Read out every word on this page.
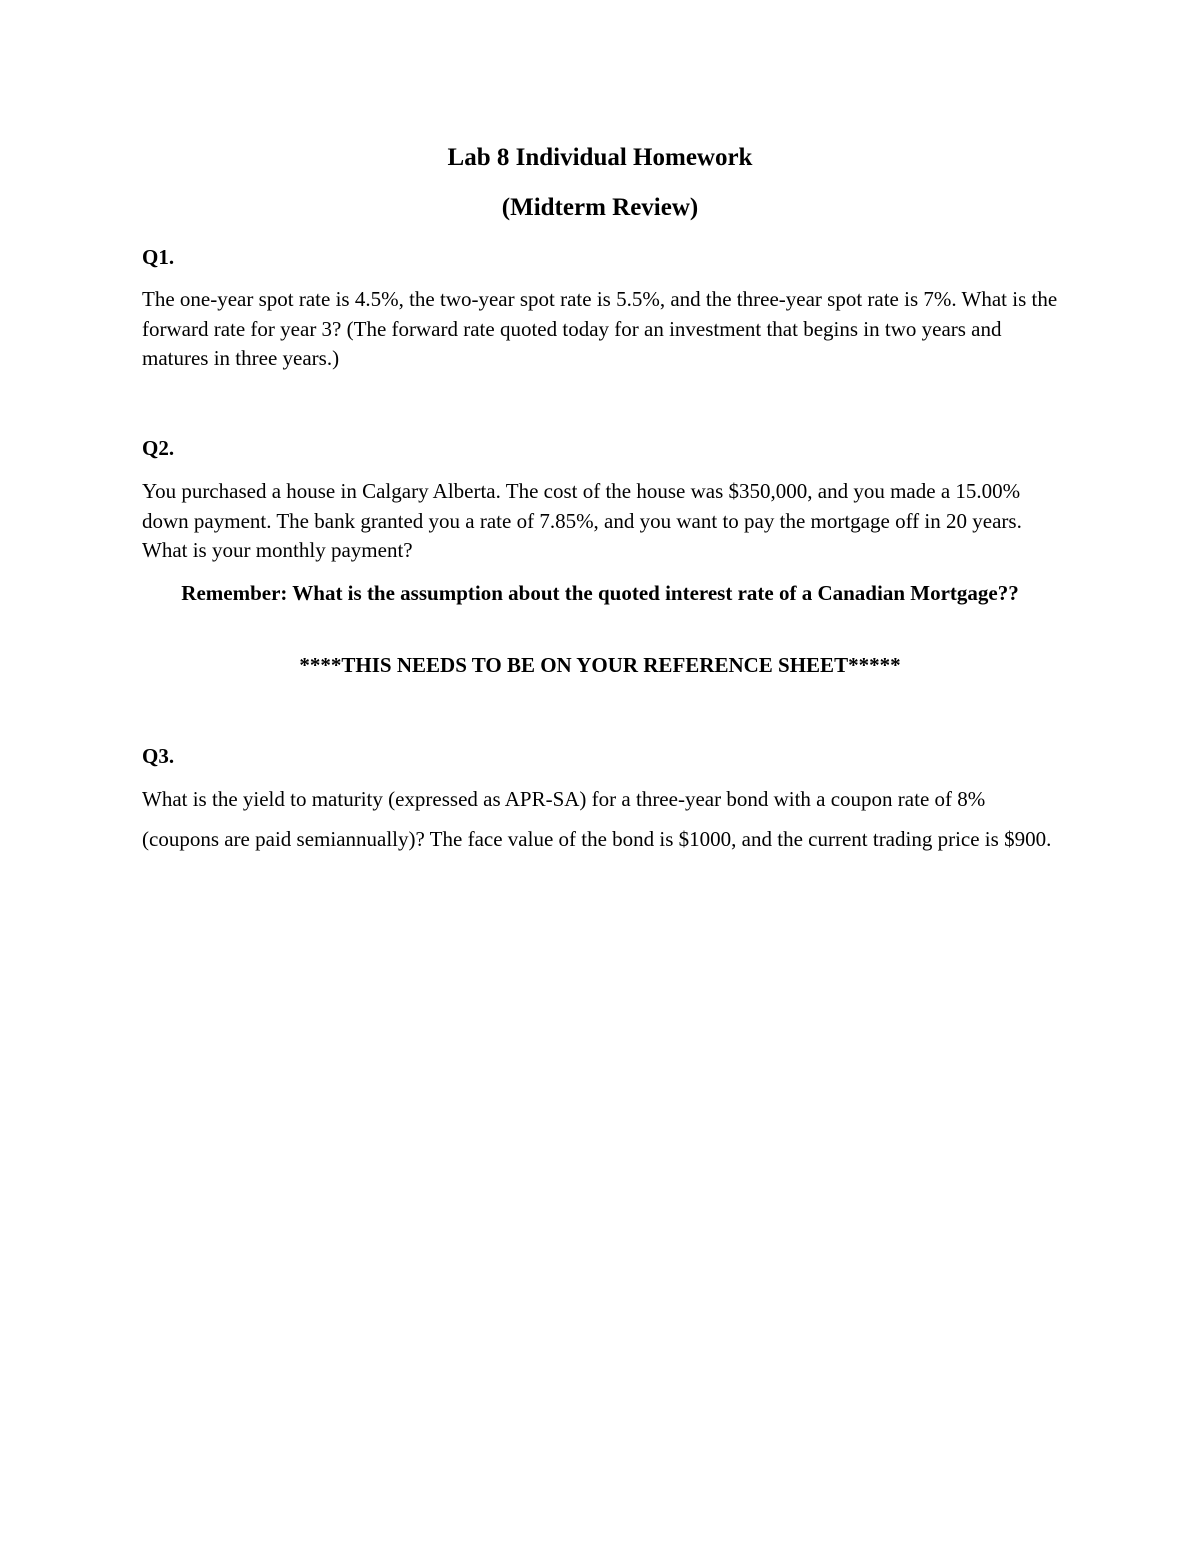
Lab 8 Individual Homework
(Midterm Review)
Q1.

The one-year spot rate is 4.5%, the two-year spot rate is 5.5%, and the three-year spot rate is 7%. What is the forward rate for year 3? (The forward rate quoted today for an investment that begins in two years and matures in three years.)

Q2.

You purchased a house in Calgary Alberta. The cost of the house was $350,000, and you made a 15.00% down payment. The bank granted you a rate of 7.85%, and you want to pay the mortgage off in 20 years. What is your monthly payment?

Remember: What is the assumption about the quoted interest rate of a Canadian Mortgage??

****THIS NEEDS TO BE ON YOUR REFERENCE SHEET*****

Q3.

What is the yield to maturity (expressed as APR-SA) for a three-year bond with a coupon rate of 8% (coupons are paid semiannually)? The face value of the bond is $1000, and the current trading price is $900.
